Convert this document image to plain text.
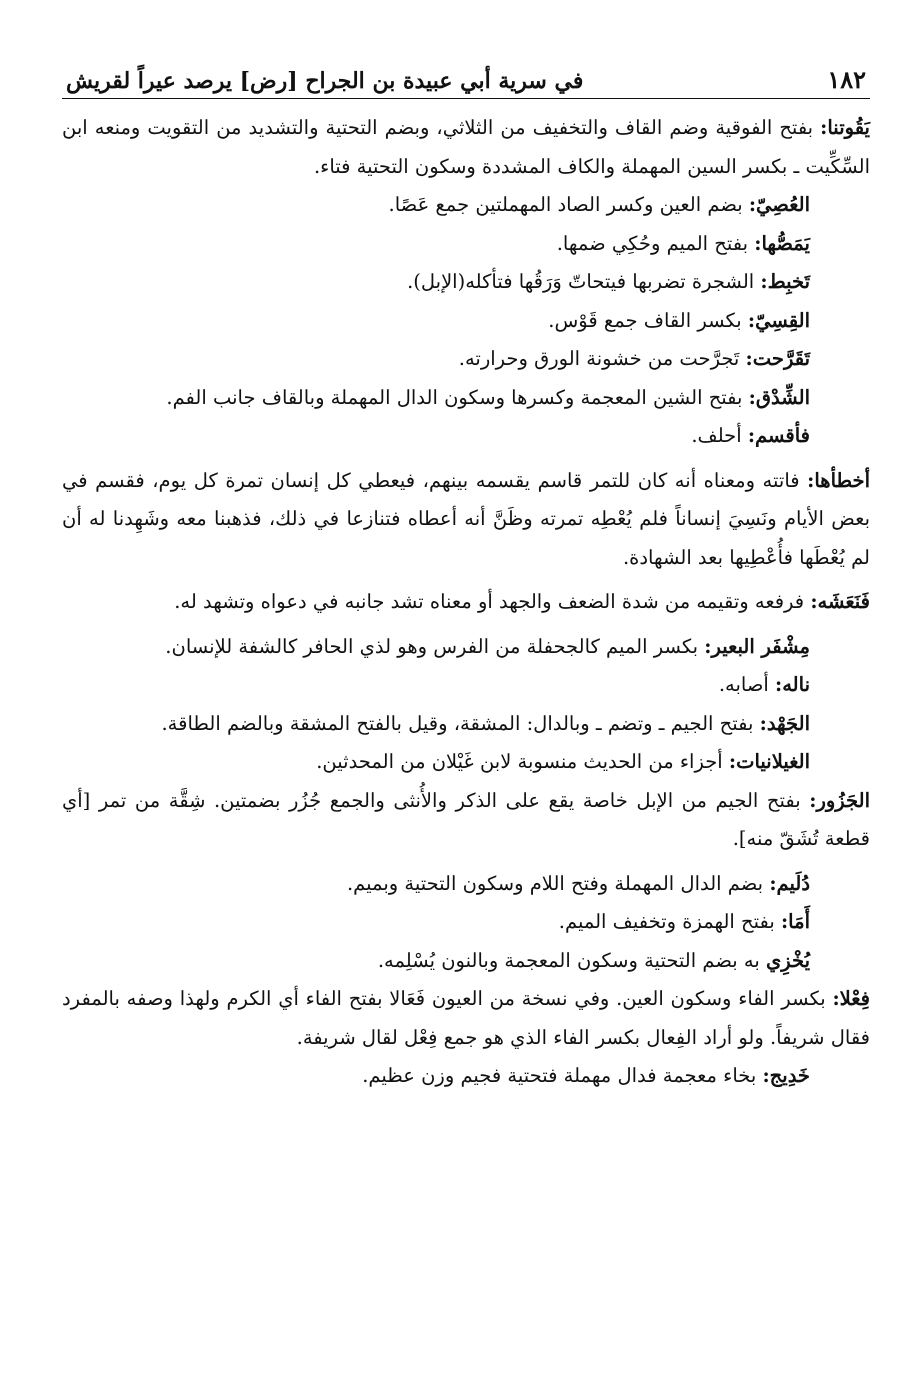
١٨٢
في سرية أبي عبيدة بن الجراح [رض] يرصد عيراً لقريش

يَقُوتنا: بفتح الفوقية وضم القاف والتخفيف من الثلاثي، وبضم التحتية والتشديد من التقويت ومنعه ابن السِّكِّيت ـ بكسر السين المهملة والكاف المشددة وسكون التحتية فتاء.

العُصِيّ: بضم العين وكسر الصاد المهملتين جمع عَصًا.

يَمَصُّها: بفتح الميم وحُكِي ضمها.

تَخبِط: الشجرة تضربها فيتحاتّ وَرَقُها فتأكله(الإبل).

القِسِيّ: بكسر القاف جمع قَوْس.

تَقَرَّحت: تَجرَّحت من خشونة الورق وحرارته.

الشِّدْق: بفتح الشين المعجمة وكسرها وسكون الدال المهملة وبالقاف جانب الفم.

فأقسم: أحلف.

أخطأها: فاتته ومعناه أنه كان للتمر قاسم يقسمه بينهم، فيعطي كل إنسان تمرة كل يوم، فقسم في بعض الأيام ونَسِيَ إنساناً فلم يُعْطِه تمرته وظَنَّ أنه أعطاه فتنازعا في ذلك، فذهبنا معه وشَهِدنا له أن لم يُعْطَها فأُعْطِيها بعد الشهادة.

فَنَعَشَه: فرفعه وتقيمه من شدة الضعف والجهد أو معناه تشد جانبه في دعواه وتشهد له.

مِشْفَر البعير: بكسر الميم كالجحفلة من الفرس وهو لذي الحافر كالشفة للإنسان.

ناله: أصابه.

الجَهْد: بفتح الجيم ـ وتضم ـ وبالدال: المشقة، وقيل بالفتح المشقة وبالضم الطاقة.

الغيلانيات: أجزاء من الحديث منسوبة لابن غَيْلان من المحدثين.

الجَزُور: بفتح الجيم من الإبل خاصة يقع على الذكر والأُنثى والجمع جُزُر بضمتين. شِقَّة من تمر [أي قطعة تُشَقّ منه].

دُلَيم: بضم الدال المهملة وفتح اللام وسكون التحتية وبميم.

أَمَا: بفتح الهمزة وتخفيف الميم.

يُخْزِي به بضم التحتية وسكون المعجمة وبالنون يُسْلِمه.

فِعْلا: بكسر الفاء وسكون العين. وفي نسخة من العيون فَعَالا بفتح الفاء أي الكرم ولهذا وصفه بالمفرد فقال شريفاً. ولو أراد الفِعال بكسر الفاء الذي هو جمع فِعْل لقال شريفة.

خَدِيج: بخاء معجمة فدال مهملة فتحتية فجيم وزن عظيم.
